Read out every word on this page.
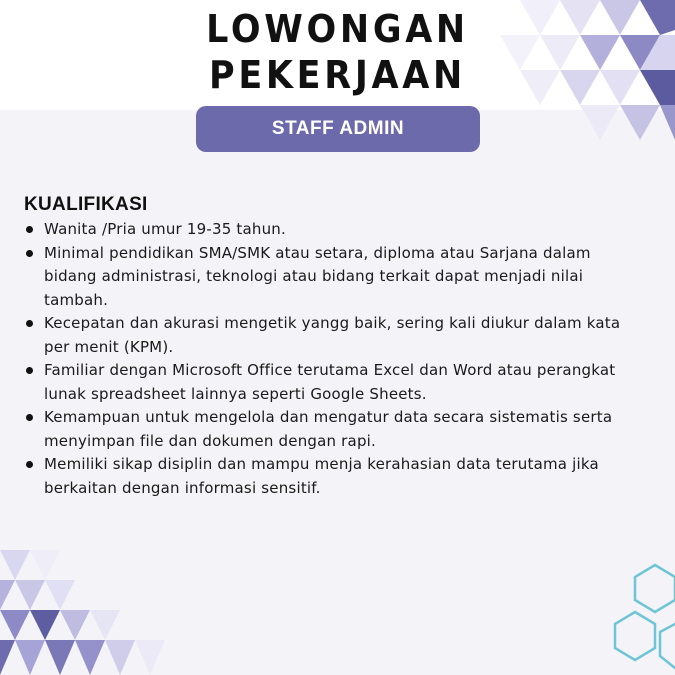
LOWONGAN
PEKERJAAN
STAFF ADMIN
KUALIFIKASI
Wanita /Pria umur 19-35 tahun.
Minimal pendidikan SMA/SMK atau setara, diploma atau Sarjana dalam bidang administrasi, teknologi atau bidang terkait dapat menjadi nilai tambah.
Kecepatan dan akurasi mengetik yangg baik, sering kali diukur dalam kata per menit (KPM).
Familiar dengan Microsoft Office terutama Excel dan Word atau perangkat lunak spreadsheet lainnya seperti Google Sheets.
Kemampuan untuk mengelola dan mengatur data secara sistematis serta menyimpan file dan dokumen dengan rapi.
Memiliki sikap disiplin dan mampu menja kerahasian data terutama jika berkaitan dengan informasi sensitif.
